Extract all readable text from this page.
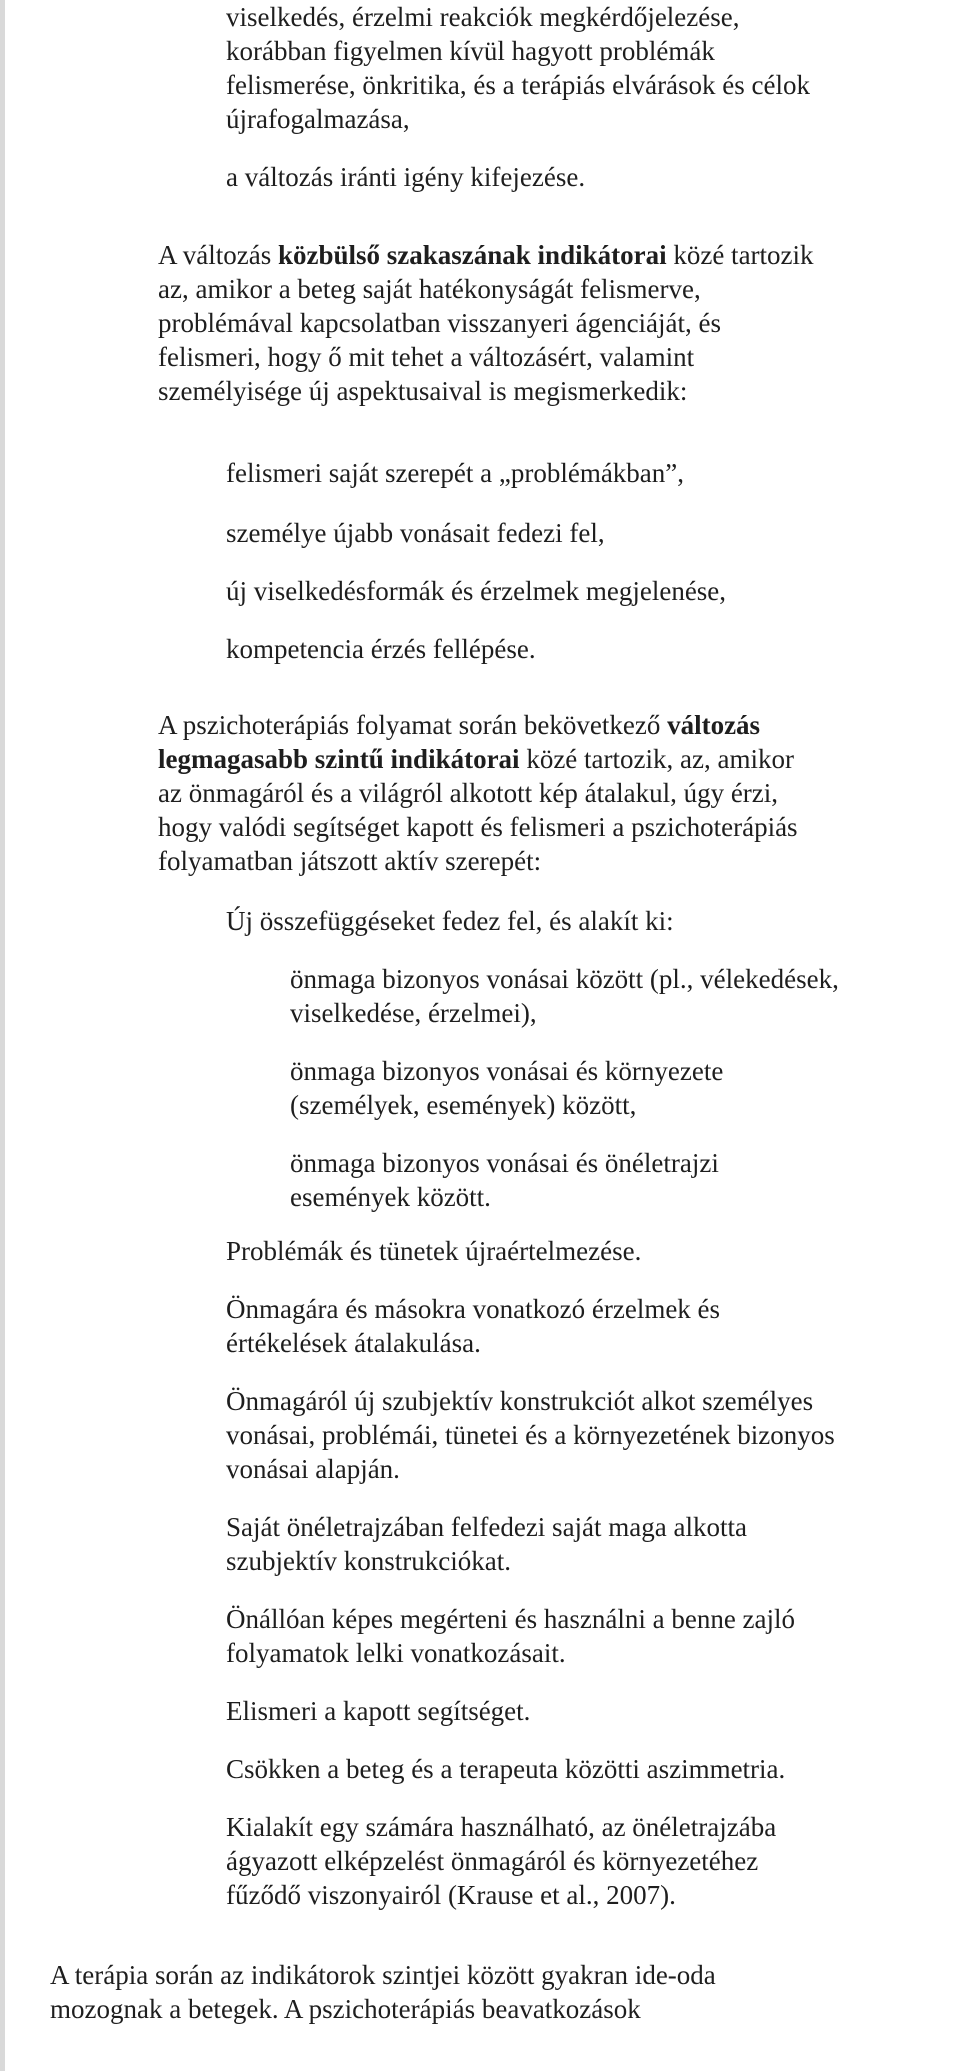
viselkedés, érzelmi reakciók megkérdőjelezése,

korábban figyelmen kívül hagyott problémák

felismerése, önkritika, és a terápiás elvárások és célok

újrafogalmazása,

a változás iránti igény kifejezése.

A változás közbülső szakaszának indikátorai közé tartozik

az, amikor a beteg saját hatékonyságát felismerve,

problémával kapcsolatban visszanyeri ágenciáját, és

felismeri, hogy ő mit tehet a változásért, valamint

személyisége új aspektusaival is megismerkedik:

felismeri saját szerepét a „problémákban”,

személye újabb vonásait fedezi fel,

új viselkedésformák és érzelmek megjelenése,

kompetencia érzés fellépése.

A pszichoterápiás folyamat során bekövetkező változás

legmagasabb szintű indikátorai közé tartozik, az, amikor

az önmagáról és a világról alkotott kép átalakul, úgy érzi,

hogy valódi segítséget kapott és felismeri a pszichoterápiás

folyamatban játszott aktív szerepét:

Új összefüggéseket fedez fel, és alakít ki:

önmaga bizonyos vonásai között (pl., vélekedések,

viselkedése, érzelmei),

önmaga bizonyos vonásai és környezete

(személyek, események) között,

önmaga bizonyos vonásai és önéletrajzi

események között.

Problémák és tünetek újraértelmezése.

Önmagára és másokra vonatkozó érzelmek és

értékelések átalakulása.

Önmagáról új szubjektív konstrukciót alkot személyes

vonásai, problémái, tünetei és a környezetének bizonyos

vonásai alapján.

Saját önéletrajzában felfedezi saját maga alkotta

szubjektív konstrukciókat.

Önállóan képes megérteni és használni a benne zajló

folyamatok lelki vonatkozásait.

Elismeri a kapott segítséget.

Csökken a beteg és a terapeuta közötti aszimmetria.

Kialakít egy számára használható, az önéletrajzába

ágyazott elképzelést önmagáról és környezetéhez

fűződő viszonyairól (Krause et al., 2007).

A terápia során az indikátorok szintjei között gyakran ide-oda

mozognak a betegek. A pszichoterápiás beavatkozások
